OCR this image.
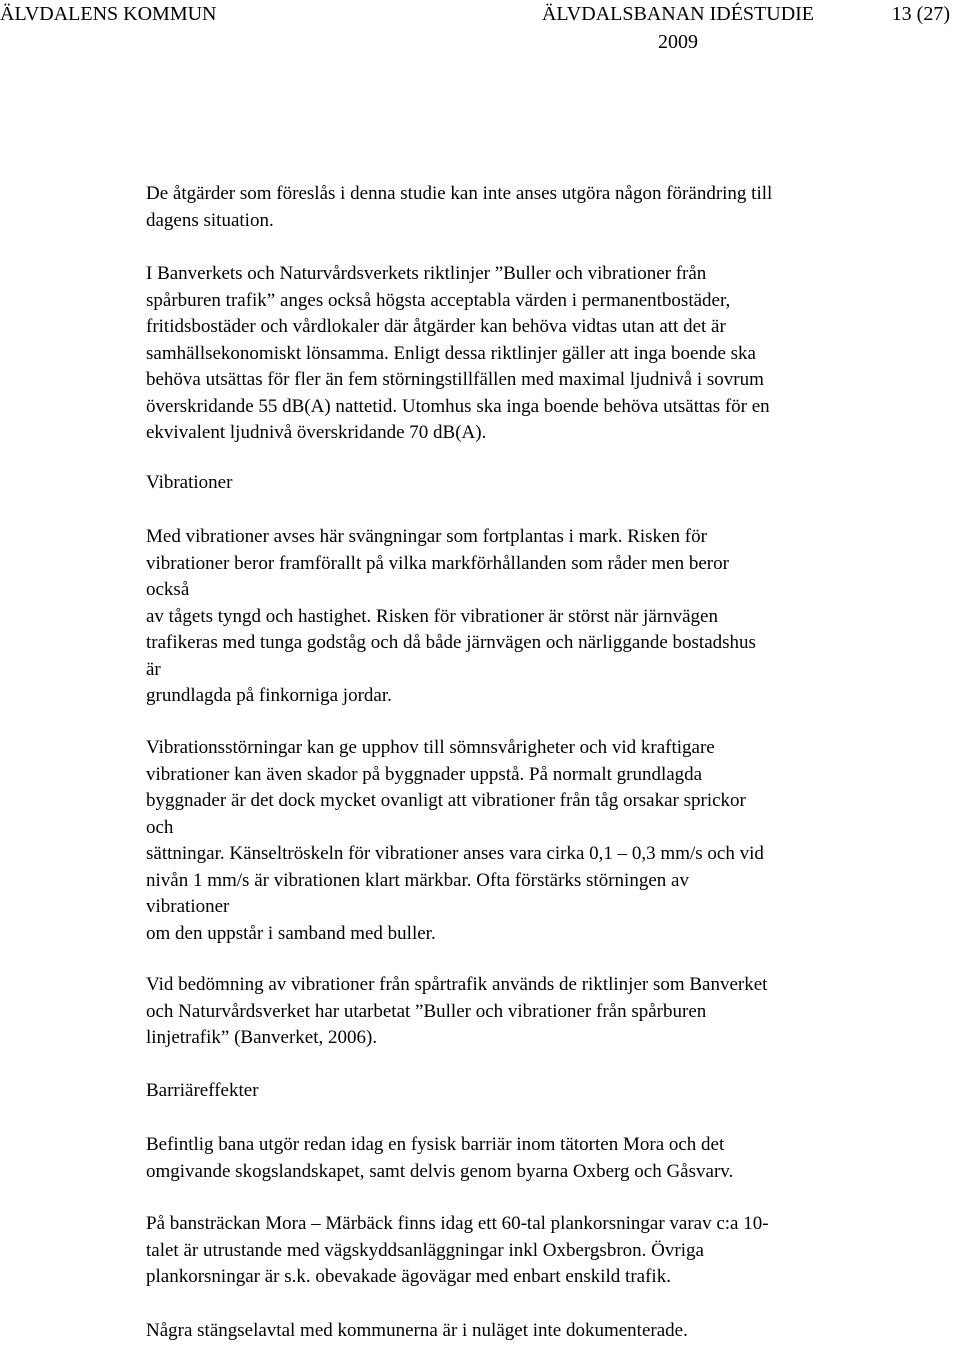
ÄLVDALENS KOMMUN	ÄLVDALSBANAN IDÉSTUDIE
2009
13 (27)

De åtgärder som föreslås i denna studie kan inte anses utgöra någon förändring till
dagens situation.

I Banverkets och Naturvårdsverkets riktlinjer ”Buller och vibrationer från
spårburen trafik” anges också högsta acceptabla värden i permanentbostäder,
fritidsbostäder och vårdlokaler där åtgärder kan behöva vidtas utan att det är
samhällsekonomiskt lönsamma. Enligt dessa riktlinjer gäller att inga boende ska
behöva utsättas för fler än fem störningstillfällen med maximal ljudnivå i sovrum
överskridande 55 dB(A) nattetid. Utomhus ska inga boende behöva utsättas för en
ekvivalent ljudnivå överskridande 70 dB(A).

Vibrationer

Med vibrationer avses här svängningar som fortplantas i mark. Risken för
vibrationer beror framförallt på vilka markförhållanden som råder men beror
också
av tågets tyngd och hastighet. Risken för vibrationer är störst när järnvägen
trafikeras med tunga godståg och då både järnvägen och närliggande bostadshus
är
grundlagda på finkorniga jordar.

Vibrationsstörningar kan ge upphov till sömnsvårigheter och vid kraftigare
vibrationer kan även skador på byggnader uppstå. På normalt grundlagda
byggnader är det dock mycket ovanligt att vibrationer från tåg orsakar sprickor
och
sättningar. Känseltröskeln för vibrationer anses vara cirka 0,1 – 0,3 mm/s och vid
nivån 1 mm/s är vibrationen klart märkbar. Ofta förstärks störningen av
vibrationer
om den uppstår i samband med buller.

Vid bedömning av vibrationer från spårtrafik används de riktlinjer som Banverket
och Naturvårdsverket har utarbetat ”Buller och vibrationer från spårburen
linjetrafik” (Banverket, 2006).

Barriäreffekter

Befintlig bana utgör redan idag en fysisk barriär inom tätorten Mora och det
omgivande skogslandskapet, samt delvis genom byarna Oxberg och Gåsvarv.

På bansträckan Mora – Märbäck finns idag ett 60-tal plankorsningar varav c:a 10-
talet är utrustande med vägskyddsanläggningar inkl Oxbergsbron. Övriga
plankorsningar är s.k. obevakade ägovägar med enbart enskild trafik.

Några stängselavtal med kommunerna är i nuläget inte dokumenterade.
